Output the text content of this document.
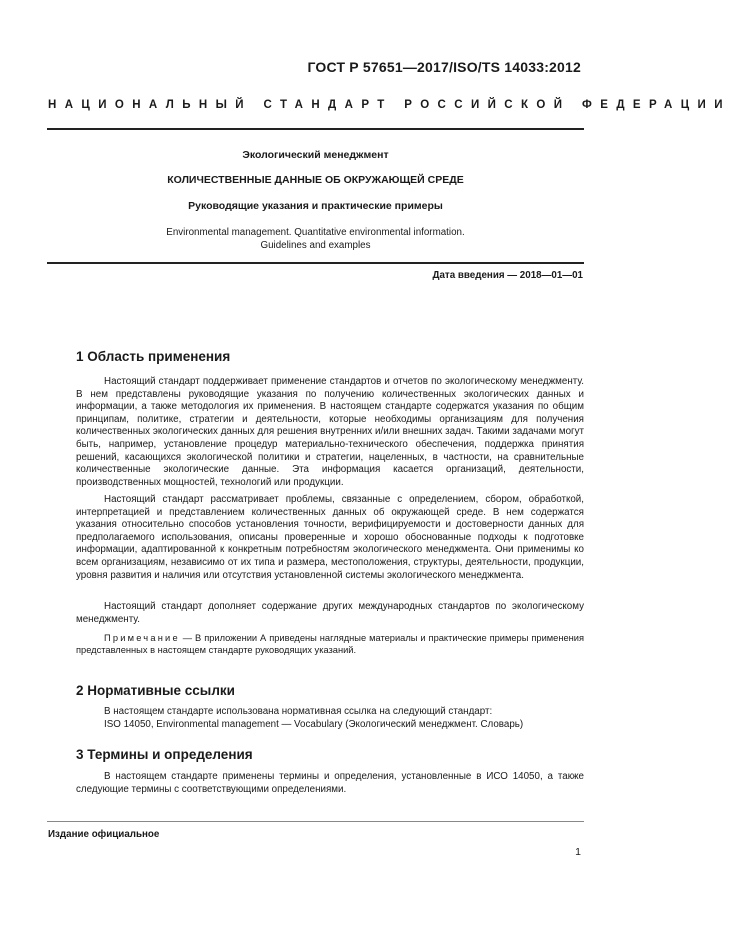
ГОСТ Р 57651—2017/ISO/TS 14033:2012
НАЦИОНАЛЬНЫЙ СТАНДАРТ РОССИЙСКОЙ ФЕДЕРАЦИИ
Экологический менеджмент
КОЛИЧЕСТВЕННЫЕ ДАННЫЕ ОБ ОКРУЖАЮЩЕЙ СРЕДЕ
Руководящие указания и практические примеры
Environmental management. Quantitative environmental information.
Guidelines and examples
Дата введения — 2018—01—01
1 Область применения
Настоящий стандарт поддерживает применение стандартов и отчетов по экологическому менеджменту. В нем представлены руководящие указания по получению количественных экологических данных и информации, а также методология их применения. В настоящем стандарте содержатся указания по общим принципам, политике, стратегии и деятельности, которые необходимы организациям для получения количественных экологических данных для решения внутренних и/или внешних задач. Такими задачами могут быть, например, установление процедур материально-технического обеспечения, поддержка принятия решений, касающихся экологической политики и стратегии, нацеленных, в частности, на сравнительные количественные экологические данные. Эта информация касается организаций, деятельности, производственных мощностей, технологий или продукции.
Настоящий стандарт рассматривает проблемы, связанные с определением, сбором, обработкой, интерпретацией и представлением количественных данных об окружающей среде. В нем содержатся указания относительно способов установления точности, верифицируемости и достоверности данных для предполагаемого использования, описаны проверенные и хорошо обоснованные подходы к подготовке информации, адаптированной к конкретным потребностям экологического менеджмента. Они применимы ко всем организациям, независимо от их типа и размера, местоположения, структуры, деятельности, продукции, уровня развития и наличия или отсутствия установленной системы экологического менеджмента.
Настоящий стандарт дополняет содержание других международных стандартов по экологическому менеджменту.
Примечание — В приложении А приведены наглядные материалы и практические примеры применения представленных в настоящем стандарте руководящих указаний.
2 Нормативные ссылки
В настоящем стандарте использована нормативная ссылка на следующий стандарт:
ISO 14050, Environmental management — Vocabulary (Экологический менеджмент. Словарь)
3 Термины и определения
В настоящем стандарте применены термины и определения, установленные в ИСО 14050, а также следующие термины с соответствующими определениями.
Издание официальное
1
